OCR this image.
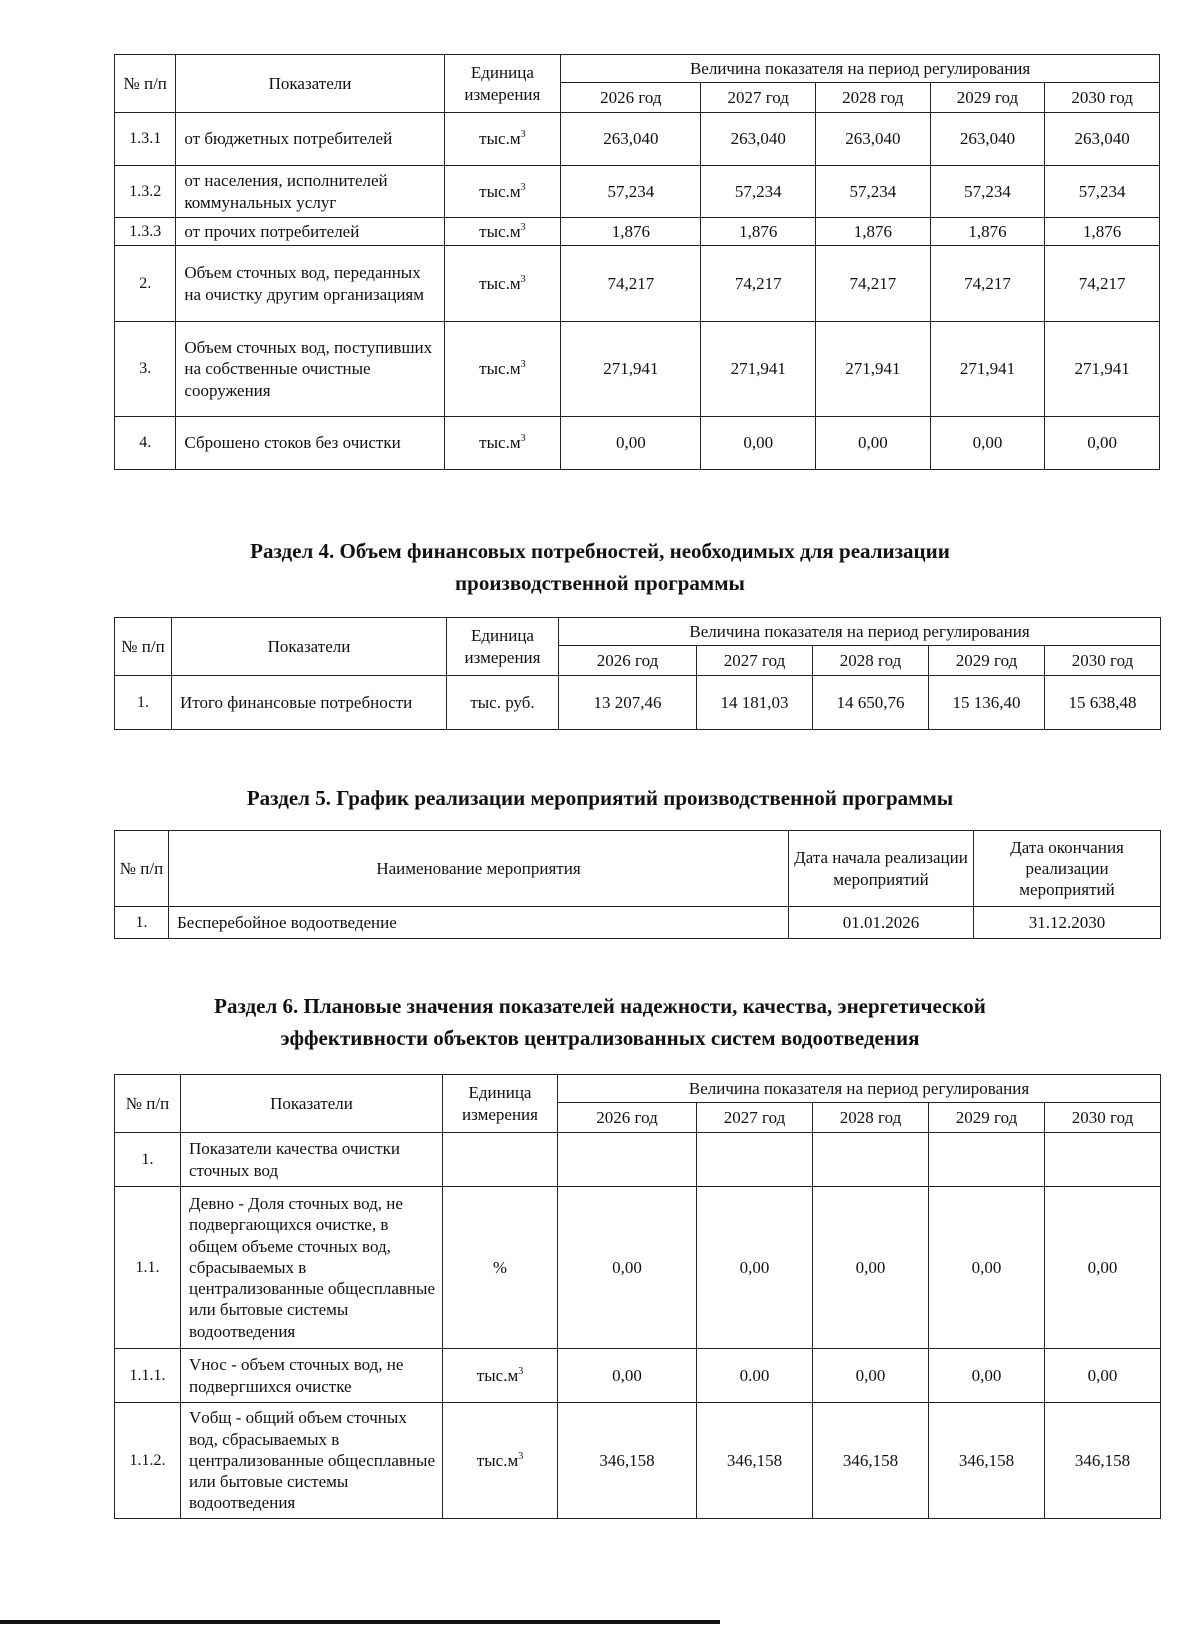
№ п/п	Показатели	Единица измерения	Величина показателя на период регулирования				
			2026 год	2027 год	2028 год	2029 год	2030 год
1.3.1	от бюджетных потребителей	$тыс.м^3$	263,040	263,040	263,040	263,040	263,040
1.3.2	от населения, исполнителей коммунальных услуг	$тыс.м^3$	57,234	57,234	57,234	57,234	57,234
1.3.3	от прочих потребителей	$тыс.м^3$	1,876	1,876	1,876	1,876	1,876
2.	Объем сточных вод, переданных на очистку другим организациям	$тыс.м^3$	74,217	74,217	74,217	74,217	74,217
3.	Объем сточных вод, поступивших на собственные очистные сооружения	$тыс.м^3$	271,941	271,941	271,941	271,941	271,941
4.	Сброшено стоков без очистки	$тыс.м^3$	0,00	0,00	0,00	0,00	0,00
Раздел 4. Объем финансовых потребностей, необходимых для реализации
производственной программы
№ п/п	Показатели	Единица измерения	Величина показателя на период регулирования				
			2026 год	2027 год	2028 год	2029 год	2030 год
1.	Итого финансовые потребности	тыс. руб.	13 207,46	14 181,03	14 650,76	15 136,40	15 638,48
Раздел 5. График реализации мероприятий производственной программы
№ п/п	Наименование мероприятия	Дата начала реализации мероприятий	Дата окончания реализации мероприятий
1.	Бесперебойное водоотведение	01.01.2026	31.12.2030
Раздел 6. Плановые значения показателей надежности, качества, энергетической
эффективности объектов централизованных систем водоотведения
№ п/п	Показатели	Единица измерения	Величина показателя на период регулирования				
			2026 год	2027 год	2028 год	2029 год	2030 год
1.	Показатели качества очистки сточных вод						
1.1.	Девно - Доля сточных вод, не подвергающихся очистке, в общем объеме сточных вод, сбрасываемых в централизованные общесплавные или бытовые системы водоотведения	%	0,00	0,00	0,00	0,00	0,00
1.1.1.	Vнос - объем сточных вод, не подвергшихся очистке	$тыс.м^3$	0,00	0.00	0,00	0,00	0,00
1.1.2.	Vобщ - общий объем сточных вод, сбрасываемых в централизованные общесплавные или бытовые системы водоотведения	$тыс.м^3$	346,158	346,158	346,158	346,158	346,158
